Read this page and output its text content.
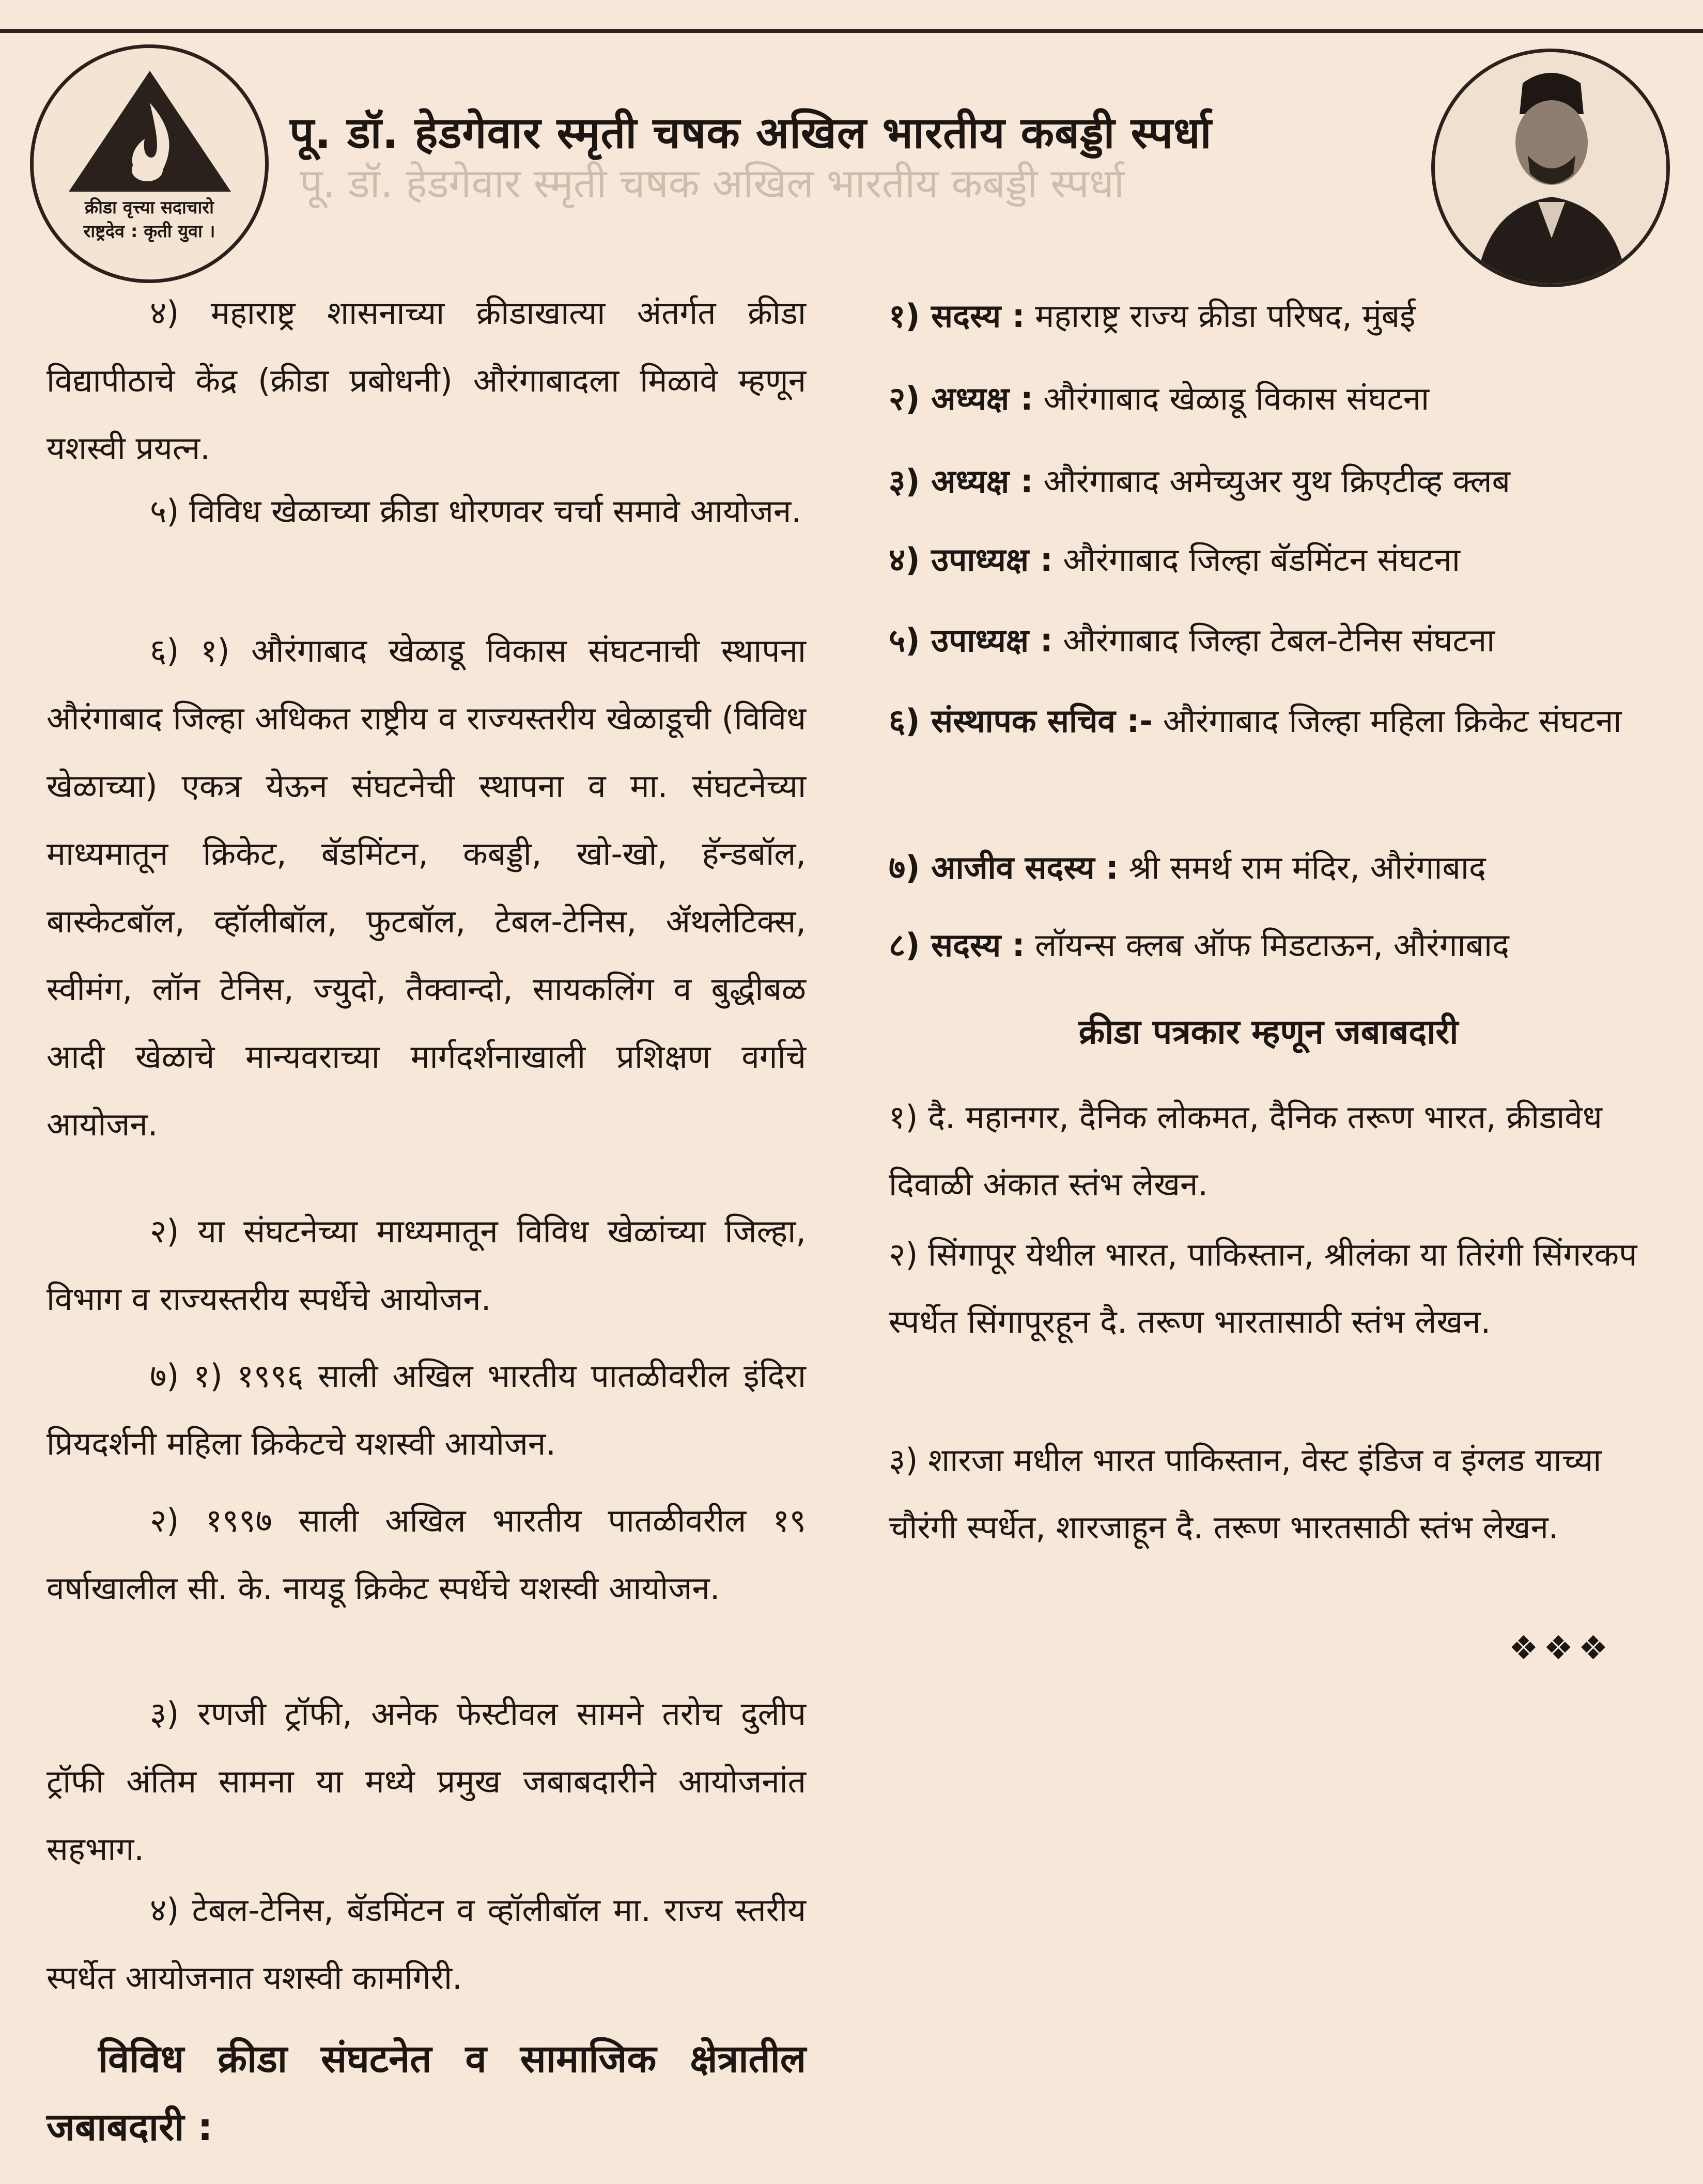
क्रीडा वृत्त्या सदाचारो
राष्ट्रदेव : कृती युवा ।
पू. डॉ. हेडगेवार स्मृती चषक अखिल भारतीय कबड्डी स्पर्धा
पू. डॉ. हेडगेवार स्मृती चषक अखिल भारतीय कबड्डी स्पर्धा

४) महाराष्ट्र शासनाच्या क्रीडाखात्या अंतर्गत क्रीडा विद्यापीठाचे केंद्र (क्रीडा प्रबोधनी) औरंगाबादला मिळावे म्हणून यशस्वी प्रयत्न.

५) विविध खेळाच्या क्रीडा धोरणवर चर्चा समावे आयोजन.

६) १) औरंगाबाद खेळाडू विकास संघटनाची स्थापना औरंगाबाद जिल्हा अधिकत राष्ट्रीय व राज्यस्तरीय खेळाडूची (विविध खेळाच्या) एकत्र येऊन संघटनेची स्थापना व मा. संघटनेच्या माध्यमातून क्रिकेट, बॅडमिंटन, कबड्डी, खो-खो, हॅन्डबॉल, बास्केटबॉल, व्हॉलीबॉल, फुटबॉल, टेबल-टेनिस, ॲथलेटिक्स, स्वीमंग, लॉन टेनिस, ज्युदो, तैक्वान्दो, सायकलिंग व बुद्धीबळ आदी खेळाचे मान्यवराच्या मार्गदर्शनाखाली प्रशिक्षण वर्गाचे आयोजन.

२) या संघटनेच्या माध्यमातून विविध खेळांच्या जिल्हा, विभाग व राज्यस्तरीय स्पर्धेचे आयोजन.

७) १) १९९६ साली अखिल भारतीय पातळीवरील इंदिरा प्रियदर्शनी महिला क्रिकेटचे यशस्वी आयोजन.

२) १९९७ साली अखिल भारतीय पातळीवरील १९ वर्षाखालील सी. के. नायडू क्रिकेट स्पर्धेचे यशस्वी आयोजन.

३) रणजी ट्रॉफी, अनेक फेस्टीवल सामने तरोच दुलीप ट्रॉफी अंतिम सामना या मध्ये प्रमुख जबाबदारीने आयोजनांत सहभाग.

४) टेबल-टेनिस, बॅडमिंटन व व्हॉलीबॉल मा. राज्य स्तरीय स्पर्धेत आयोजनात यशस्वी कामगिरी.

विविध क्रीडा संघटनेत व सामाजिक क्षेत्रातील जबाबदारी :

१) सदस्य : महाराष्ट्र राज्य क्रीडा परिषद, मुंबई

२) अध्यक्ष : औरंगाबाद खेळाडू विकास संघटना

३) अध्यक्ष : औरंगाबाद अमेच्युअर युथ क्रिएटीव्ह क्लब

४) उपाध्यक्ष : औरंगाबाद जिल्हा बॅडमिंटन संघटना

५) उपाध्यक्ष : औरंगाबाद जिल्हा टेबल-टेनिस संघटना

६) संस्थापक सचिव :- औरंगाबाद जिल्हा महिला क्रिकेट संघटना

७) आजीव सदस्य : श्री समर्थ राम मंदिर, औरंगाबाद

८) सदस्य : लॉयन्स क्लब ऑफ मिडटाऊन, औरंगाबाद

क्रीडा पत्रकार म्हणून जबाबदारी

१) दै. महानगर, दैनिक लोकमत, दैनिक तरूण भारत, क्रीडावेध दिवाळी अंकात स्तंभ लेखन.

२) सिंगापूर येथील भारत, पाकिस्तान, श्रीलंका या तिरंगी सिंगरकप स्पर्धेत सिंगापूरहून दै. तरूण भारतासाठी स्तंभ लेखन.

३) शारजा मधील भारत पाकिस्तान, वेस्ट इंडिज व इंग्लड याच्या चौरंगी स्पर्धेत, शारजाहून दै. तरूण भारतसाठी स्तंभ लेखन.

❖❖❖
